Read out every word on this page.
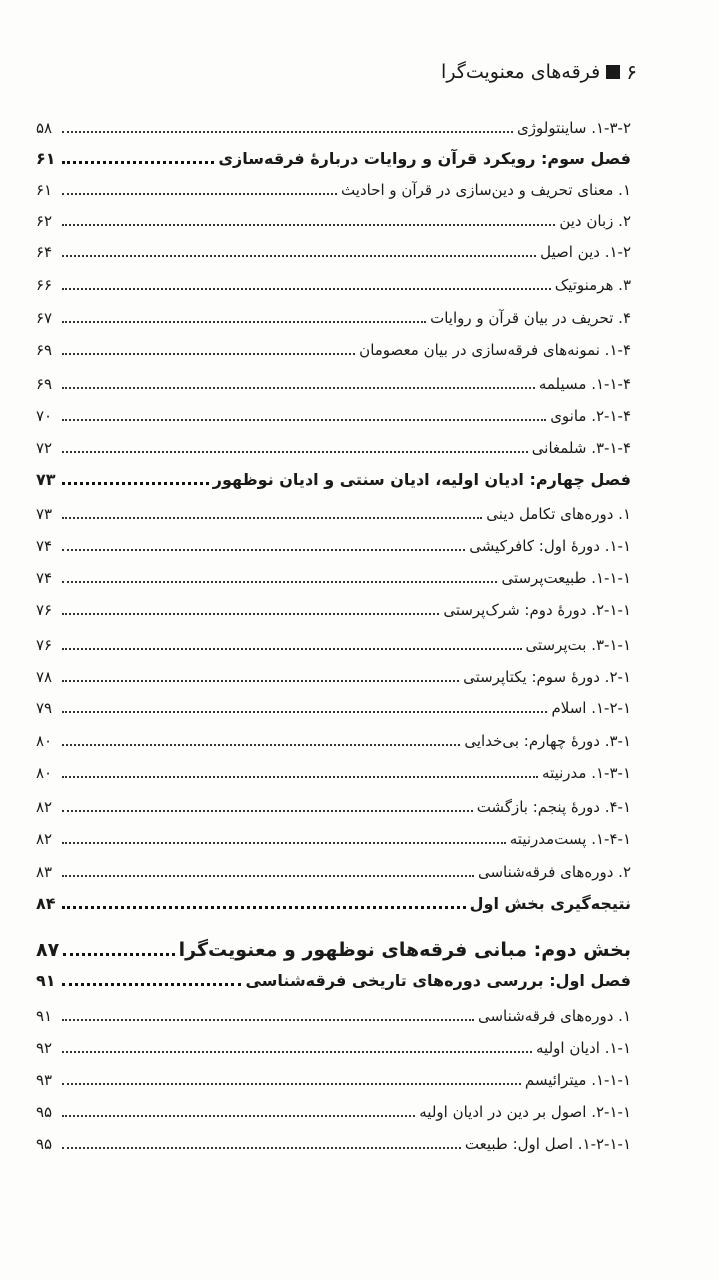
۶
فرقه‌های معنویت‌گرا
۱-۳-۲. ساینتولوژی
۵۸
فصل سوم: رویکرد قرآن و روایات دربارهٔ فرقه‌سازی
۶۱
۱. معنای تحریف و دین‌سازی در قرآن و احادیث
۶۱
۲. زبان دین
۶۲
۱-۲. دین اصیل
۶۴
۳. هرمنوتیک
۶۶
۴. تحریف در بیان قرآن و روایات
۶۷
۱-۴. نمونه‌های فرقه‌سازی در بیان معصومان
۶۹
۱-۱-۴. مسیلمه
۶۹
۲-۱-۴. مانوی
۷۰
۳-۱-۴. شلمغانی
۷۲
فصل چهارم: ادیان اولیه، ادیان سنتی و ادیان نوظهور
۷۳
۱. دوره‌های تکامل دینی
۷۳
۱-۱. دورهٔ اول: کافرکیشی
۷۴
۱-۱-۱. طبیعت‌پرستی
۷۴
۲-۱-۱. دورهٔ دوم: شرک‌پرستی
۷۶
۳-۱-۱. بت‌پرستی
۷۶
۲-۱. دورهٔ سوم: یکتاپرستی
۷۸
۱-۲-۱. اسلام
۷۹
۳-۱. دورهٔ چهارم: بی‌خدایی
۸۰
۱-۳-۱. مدرنیته
۸۰
۴-۱. دورهٔ پنجم: بازگشت
۸۲
۱-۴-۱. پست‌مدرنیته
۸۲
۲. دوره‌های فرقه‌شناسی
۸۳
نتیجه‌گیری بخش اول
۸۴
بخش دوم: مبانی فرقه‌های نوظهور و معنویت‌گرا
۸۷
فصل اول: بررسی دوره‌های تاریخی فرقه‌شناسی
۹۱
۱. دوره‌های فرقه‌شناسی
۹۱
۱-۱. ادیان اولیه
۹۲
۱-۱-۱. میترائیسم
۹۳
۲-۱-۱. اصول بر دین در ادیان اولیه
۹۵
۱-۲-۱-۱. اصل اول: طبیعت
۹۵
